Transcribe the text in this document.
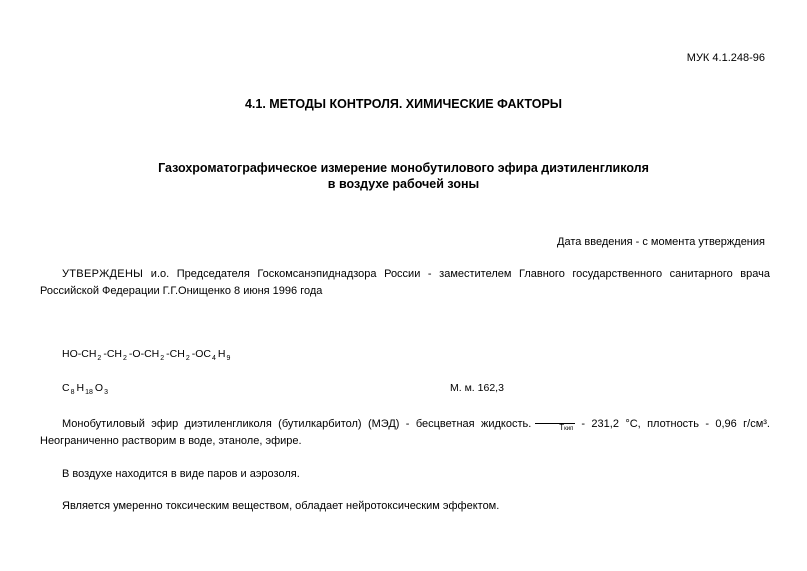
МУК 4.1.248-96
4.1. МЕТОДЫ КОНТРОЛЯ. ХИМИЧЕСКИЕ ФАКТОРЫ
Газохроматографическое измерение монобутилового эфира диэтиленгликоля
в воздухе рабочей зоны
Дата введения - с момента утверждения
УТВЕРЖДЕНЫ и.о. Председателя Госкомсанэпиднадзора России - заместителем Главного государственного санитарного врача Российской Федерации Г.Г.Онищенко 8 июня 1996 года
$HO-CH_2$ $-CH_2$ $-O-CH_2$ $-CH_2$ $-OC_4$ $H_9$
$C_8$ $H_{18}$ $O_3$	М. м. 162,3
Монобутиловый эфир диэтиленгликоля (бутилкарбитол) (МЭД) - бесцветная жидкость.	Tкип - 231,2 °С, плотность - 0,96 г/см³. Неограниченно растворим в воде, этаноле, эфире.
В воздухе находится в виде паров и аэрозоля.
Является умеренно токсическим веществом, обладает нейротоксическим эффектом.
